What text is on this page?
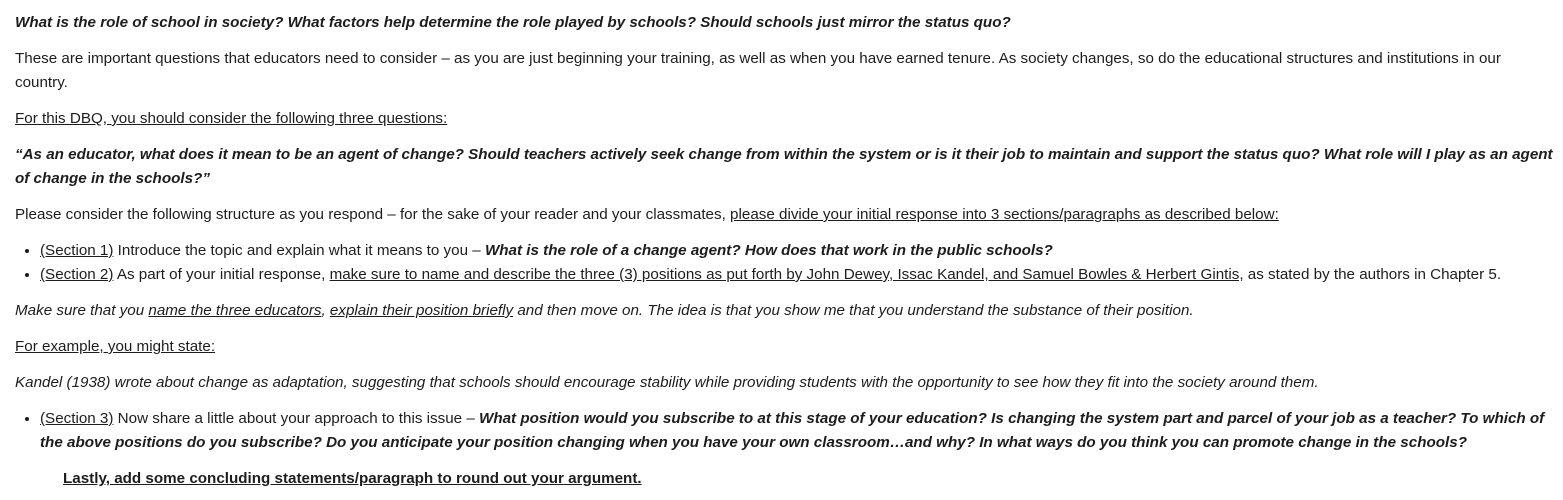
What is the role of school in society? What factors help determine the role played by schools? Should schools just mirror the status quo?

These are important questions that educators need to consider – as you are just beginning your training, as well as when you have earned tenure. As society changes, so do the educational structures and institutions in our country.

For this DBQ, you should consider the following three questions:

“As an educator, what does it mean to be an agent of change? Should teachers actively seek change from within the system or is it their job to maintain and support the status quo? What role will I play as an agent of change in the schools?”

Please consider the following structure as you respond – for the sake of your reader and your classmates, please divide your initial response into 3 sections/paragraphs as described below:

• (Section 1) Introduce the topic and explain what it means to you – What is the role of a change agent? How does that work in the public schools?
• (Section 2) As part of your initial response, make sure to name and describe the three (3) positions as put forth by John Dewey, Issac Kandel, and Samuel Bowles & Herbert Gintis, as stated by the authors in Chapter 5.

Make sure that you name the three educators, explain their position briefly and then move on. The idea is that you show me that you understand the substance of their position.

For example, you might state:

Kandel (1938) wrote about change as adaptation, suggesting that schools should encourage stability while providing students with the opportunity to see how they fit into the society around them.

• (Section 3) Now share a little about your approach to this issue – What position would you subscribe to at this stage of your education? Is changing the system part and parcel of your job as a teacher? To which of the above positions do you subscribe? Do you anticipate your position changing when you have your own classroom…and why? In what ways do you think you can promote change in the schools?

Lastly, add some concluding statements/paragraph to round out your argument.
